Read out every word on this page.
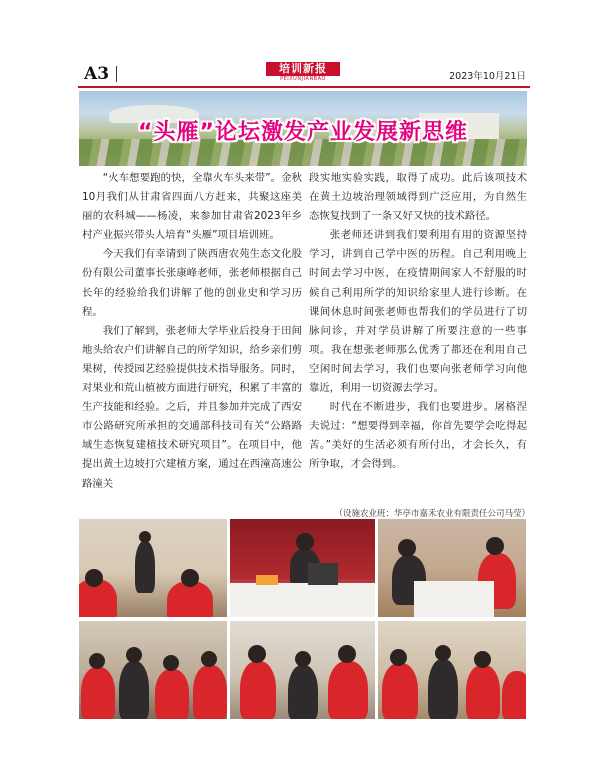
A3	培训新报
PEIXUNJIANBAO	2023年10月21日
“头雁”论坛激发产业发展新思维

“火车想要跑的快，全靠火车头来带”。金秋10月我们从甘肃省四面八方赶来，共聚这座美丽的农科城——杨凌，来参加甘肃省2023年乡村产业振兴带头人培育“头雁”项目培训班。

今天我们有幸请到了陕西唐农苑生态文化股份有限公司董事长张康峰老师，张老师根据自己长年的经验给我们讲解了他的创业史和学习历程。

我们了解到，张老师大学毕业后投身于田间地头给农户们讲解自己的所学知识，给乡亲们剪果树，传授园艺经验提供技术指导服务。同时，对果业和荒山植被方面进行研究，积累了丰富的生产技能和经验。之后，并且参加并完成了西安市公路研究所承担的交通部科技司有关“公路路域生态恢复建植技术研究项目”。在项目中，他提出黄土边坡打穴建植方案，通过在西潼高速公路潼关

段实地实验实践，取得了成功。此后该项技术在黄土边坡治理领域得到广泛应用，为自然生态恢复找到了一条又好又快的技术路径。

张老师还讲到我们要利用有用的资源坚持学习，讲到自己学中医的历程。自己利用晚上时间去学习中医，在疫情期间家人不舒服的时候自己利用所学的知识给家里人进行诊断。在课间休息时间张老师也帮我们的学员进行了切脉问诊，并对学员讲解了所要注意的一些事项。我在想张老师那么优秀了都还在利用自己空闲时间去学习，我们也要向张老师学习向他靠近，利用一切资源去学习。

时代在不断进步，我们也要进步。屠格涅夫说过：“想要得到幸福，你首先要学会吃得起苦。”美好的生活必须有所付出，才会长久，有所争取，才会得到。

（设施农业班：华亭市嘉禾农业有限责任公司马莹）
